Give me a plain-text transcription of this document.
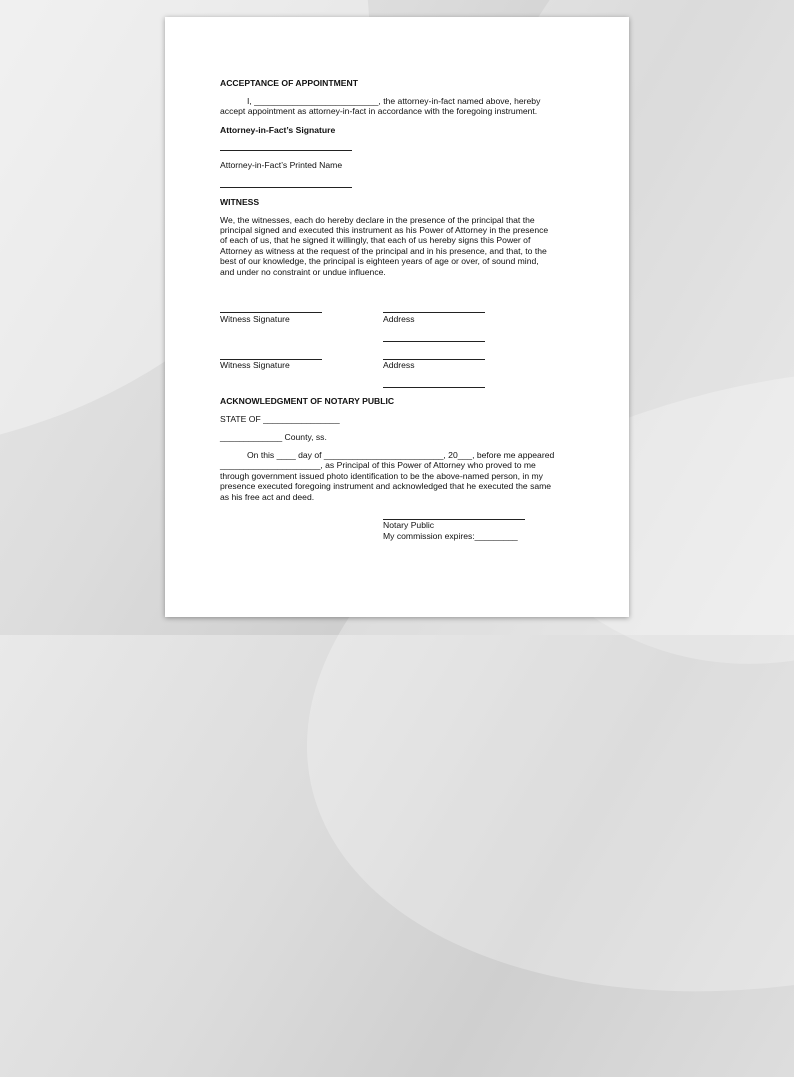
ACCEPTANCE OF APPOINTMENT
I, __________________________, the attorney-in-fact named above, hereby
accept appointment as attorney-in-fact in accordance with the foregoing instrument.
Attorney-in-Fact’s Signature
Attorney-in-Fact’s Printed Name
WITNESS
We, the witnesses, each do hereby declare in the presence of the principal that the
principal signed and executed this instrument as his Power of Attorney in the presence
of each of us, that he signed it willingly, that each of us hereby signs this Power of
Attorney as witness at the request of the principal and in his presence, and that, to the
best of our knowledge, the principal is eighteen years of age or over, of sound mind,
and under no constraint or undue influence.
Witness Signature	Address
Witness Signature	Address
ACKNOWLEDGMENT OF NOTARY PUBLIC
STATE OF ________________
_____________ County, ss.
On this ____ day of _________________________, 20___, before me appeared
_____________________, as Principal of this Power of Attorney who proved to me
through government issued photo identification to be the above-named person, in my
presence executed foregoing instrument and acknowledged that he executed the same
as his free act and deed.
Notary Public
My commission expires:_________
